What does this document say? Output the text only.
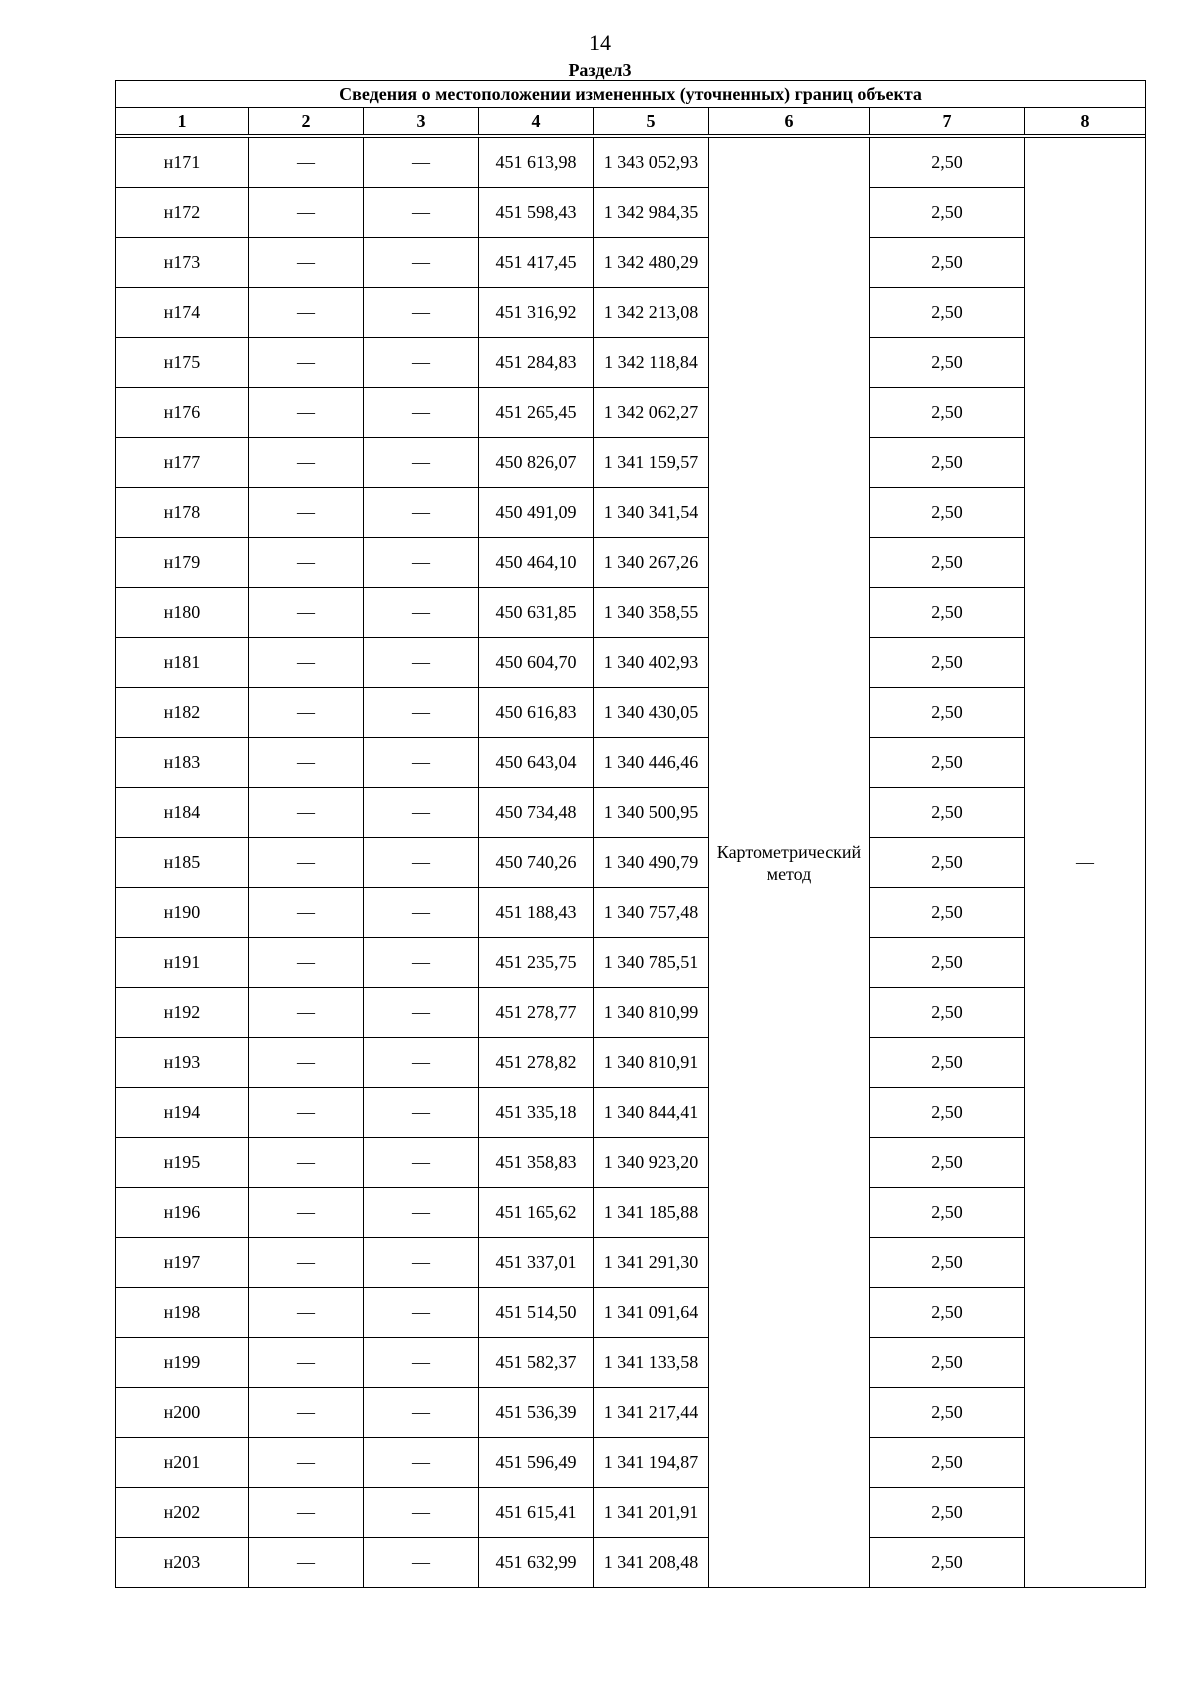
14
Раздел3
Сведения о местоположении измененных (уточненных) границ объекта							
1	2	3	4	5	6	7	8

н171	—	—	451 613,98	1 343 052,93	Картометрический метод	2,50	—
н172	—	—	451 598,43	1 342 984,35		2,50	
н173	—	—	451 417,45	1 342 480,29		2,50	
н174	—	—	451 316,92	1 342 213,08		2,50	
н175	—	—	451 284,83	1 342 118,84		2,50	
н176	—	—	451 265,45	1 342 062,27		2,50	
н177	—	—	450 826,07	1 341 159,57		2,50	
н178	—	—	450 491,09	1 340 341,54		2,50	
н179	—	—	450 464,10	1 340 267,26		2,50	
н180	—	—	450 631,85	1 340 358,55		2,50	
н181	—	—	450 604,70	1 340 402,93		2,50	
н182	—	—	450 616,83	1 340 430,05		2,50	
н183	—	—	450 643,04	1 340 446,46		2,50	
н184	—	—	450 734,48	1 340 500,95		2,50	
н185	—	—	450 740,26	1 340 490,79		2,50	
н190	—	—	451 188,43	1 340 757,48		2,50	
н191	—	—	451 235,75	1 340 785,51		2,50	
н192	—	—	451 278,77	1 340 810,99		2,50	
н193	—	—	451 278,82	1 340 810,91		2,50	
н194	—	—	451 335,18	1 340 844,41		2,50	
н195	—	—	451 358,83	1 340 923,20		2,50	
н196	—	—	451 165,62	1 341 185,88		2,50	
н197	—	—	451 337,01	1 341 291,30		2,50	
н198	—	—	451 514,50	1 341 091,64		2,50	
н199	—	—	451 582,37	1 341 133,58		2,50	
н200	—	—	451 536,39	1 341 217,44		2,50	
н201	—	—	451 596,49	1 341 194,87		2,50	
н202	—	—	451 615,41	1 341 201,91		2,50	
н203	—	—	451 632,99	1 341 208,48		2,50	
